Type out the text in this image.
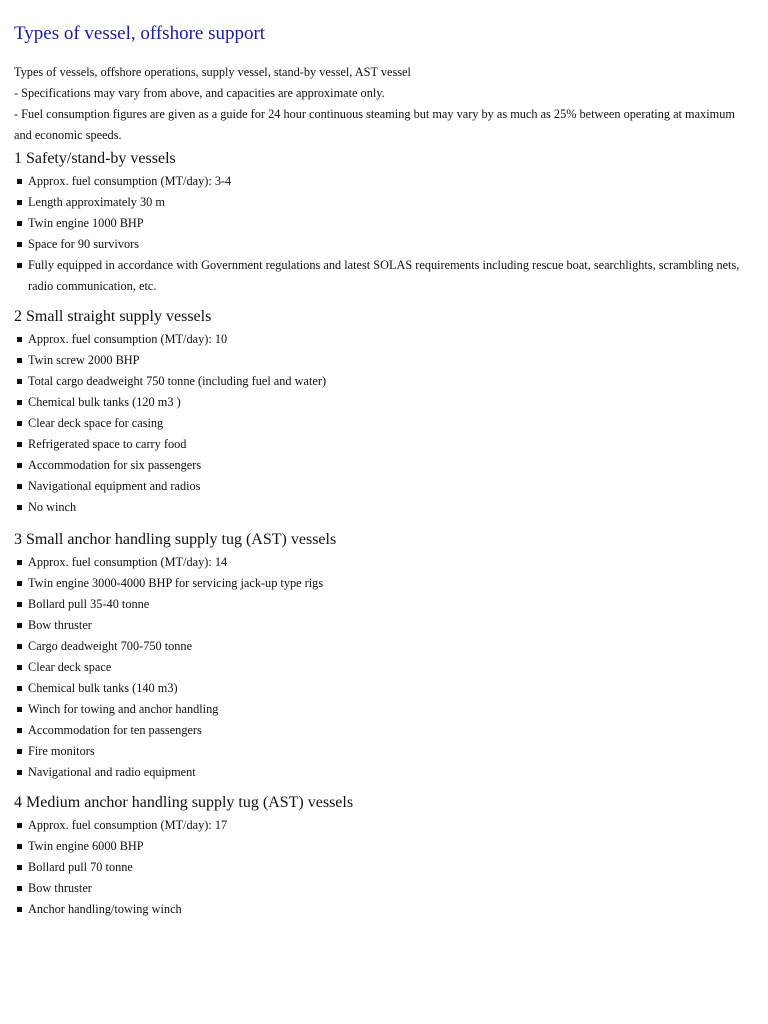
Types of vessel, offshore support

Types of vessels, offshore operations, supply vessel, stand-by vessel, AST vessel

- Specifications may vary from above, and capacities are approximate only.

- Fuel consumption figures are given as a guide for 24 hour continuous steaming but may vary by as much as 25% between operating at maximum and economic speeds.

1 Safety/stand-by vessels
Approx. fuel consumption (MT/day): 3-4
Length approximately 30 m
Twin engine 1000 BHP
Space for 90 survivors
Fully equipped in accordance with Government regulations and latest SOLAS requirements including rescue boat, searchlights, scrambling nets, radio communication, etc.
2 Small straight supply vessels
Approx. fuel consumption (MT/day): 10
Twin screw 2000 BHP
Total cargo deadweight 750 tonne (including fuel and water)
Chemical bulk tanks (120 m3 )
Clear deck space for casing
Refrigerated space to carry food
Accommodation for six passengers
Navigational equipment and radios
No winch
3 Small anchor handling supply tug (AST) vessels
Approx. fuel consumption (MT/day): 14
Twin engine 3000-4000 BHP for servicing jack-up type rigs
Bollard pull 35-40 tonne
Bow thruster
Cargo deadweight 700-750 tonne
Clear deck space
Chemical bulk tanks (140 m3)
Winch for towing and anchor handling
Accommodation for ten passengers
Fire monitors
Navigational and radio equipment
4 Medium anchor handling supply tug (AST) vessels
Approx. fuel consumption (MT/day): 17
Twin engine 6000 BHP
Bollard pull 70 tonne
Bow thruster
Anchor handling/towing winch
